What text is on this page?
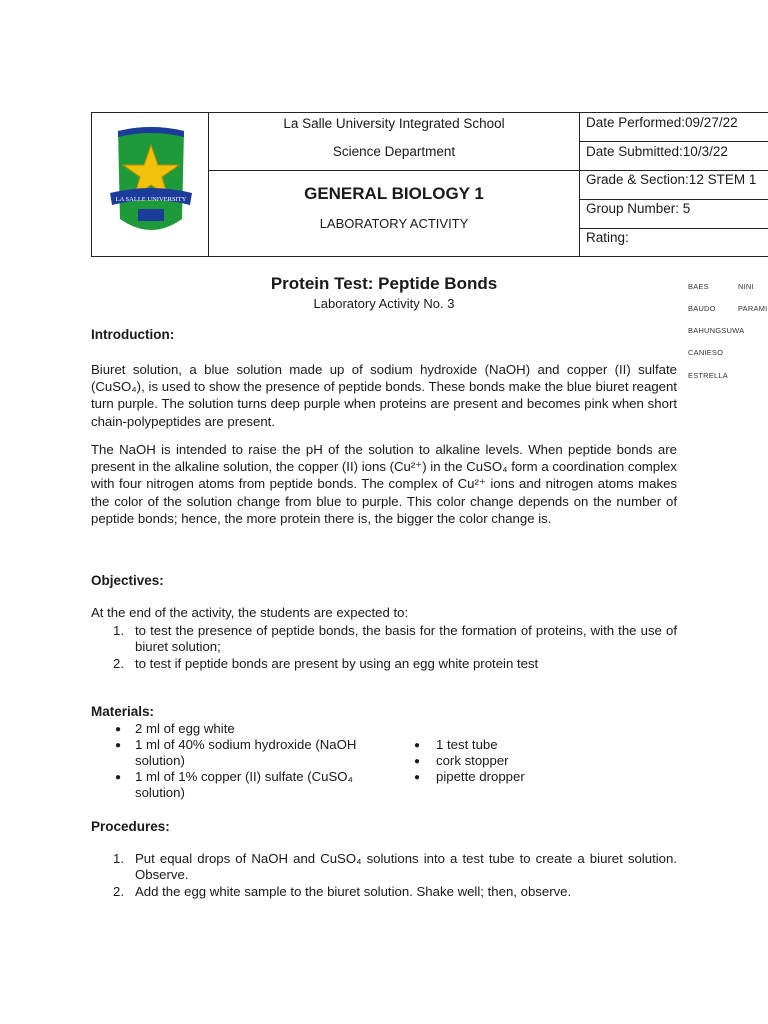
LA SALLE UNIVERSITY
La Salle University Integrated School
Science Department
GENERAL BIOLOGY 1
LABORATORY ACTIVITY
Date Performed:09/27/22
Date Submitted:10/3/22
Grade & Section:12 STEM 1
Group Number: 5
Rating:
Protein Test: Peptide Bonds
Laboratory Activity No. 3
BAES	NINI
BAUDO	PARAMI
BAHUNGSUWA
CANIESO
ESTRELLA
Introduction:
Biuret solution, a blue solution made up of sodium hydroxide (NaOH) and copper (II) sulfate (CuSO₄), is used to show the presence of peptide bonds. These bonds make the blue biuret reagent turn purple. The solution turns deep purple when proteins are present and becomes pink when short chain-polypeptides are present.
The NaOH is intended to raise the pH of the solution to alkaline levels. When peptide bonds are present in the alkaline solution, the copper (II) ions (Cu²⁺) in the CuSO₄ form a coordination complex with four nitrogen atoms from peptide bonds. The complex of Cu²⁺ ions and nitrogen atoms makes the color of the solution change from blue to purple. This color change depends on the number of peptide bonds; hence, the more protein there is, the bigger the color change is.
Objectives:
At the end of the activity, the students are expected to:
1. to test the presence of peptide bonds, the basis for the formation of proteins, with the use of biuret solution;
2. to test if peptide bonds are present by using an egg white protein test
Materials:
● 2 ml of egg white
● 1 ml of 40% sodium hydroxide (NaOH solution)
● 1 ml of 1% copper (II) sulfate (CuSO₄ solution)
● 1 test tube
● cork stopper
● pipette dropper
Procedures:
1. Put equal drops of NaOH and CuSO₄ solutions into a test tube to create a biuret solution. Observe.
2. Add the egg white sample to the biuret solution. Shake well; then, observe.
